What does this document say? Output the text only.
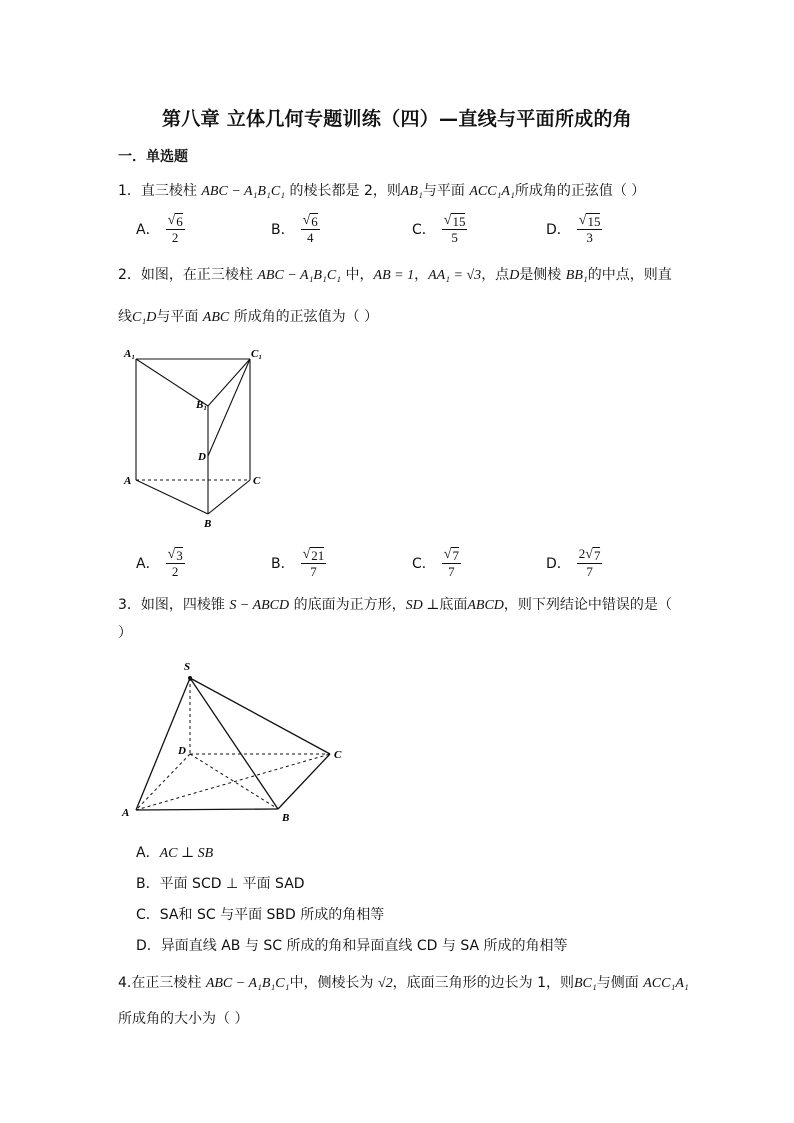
第八章 立体几何专题训练（四）—直线与平面所成的角
一．单选题
1．直三棱柱 ABC − A₁B₁C₁ 的棱长都是 2，则AB₁与平面 ACC₁A₁所成角的正弦值（ ）
A． $\frac{√ 6}{2}$	B． $\frac{√ 6}{4}$	C． $\frac{√ 15}{5}$	D． $\frac{√ 15}{3}$
2．如图，在正三棱柱 ABC − A₁B₁C₁ 中，AB = 1，AA₁ = √3，点D是侧棱 BB₁的中点，则直
线C₁D与平面 ABC 所成角的正弦值为（ ）
A₁	C₁
B₁
D
A	C
B
A． $\frac{√ 3}{2}$	B． $\frac{√ 21}{7}$	C． $\frac{√ 7}{7}$	D． $\frac{2 √ 7}{7}$
3．如图，四棱锥 S − ABCD 的底面为正方形，SD ⊥底面ABCD，则下列结论中错误的是（
）
S
D	C
A	B
A．AC ⊥ SB
B．平面 SCD ⊥ 平面 SAD
C．SA和 SC 与平面 SBD 所成的角相等
D．异面直线 AB 与 SC 所成的角和异面直线 CD 与 SA 所成的角相等
4.在正三棱柱 ABC − A₁B₁C₁中，侧棱长为 √2，底面三角形的边长为 1，则BC₁与侧面 ACC₁A₁
所成角的大小为（ ）
